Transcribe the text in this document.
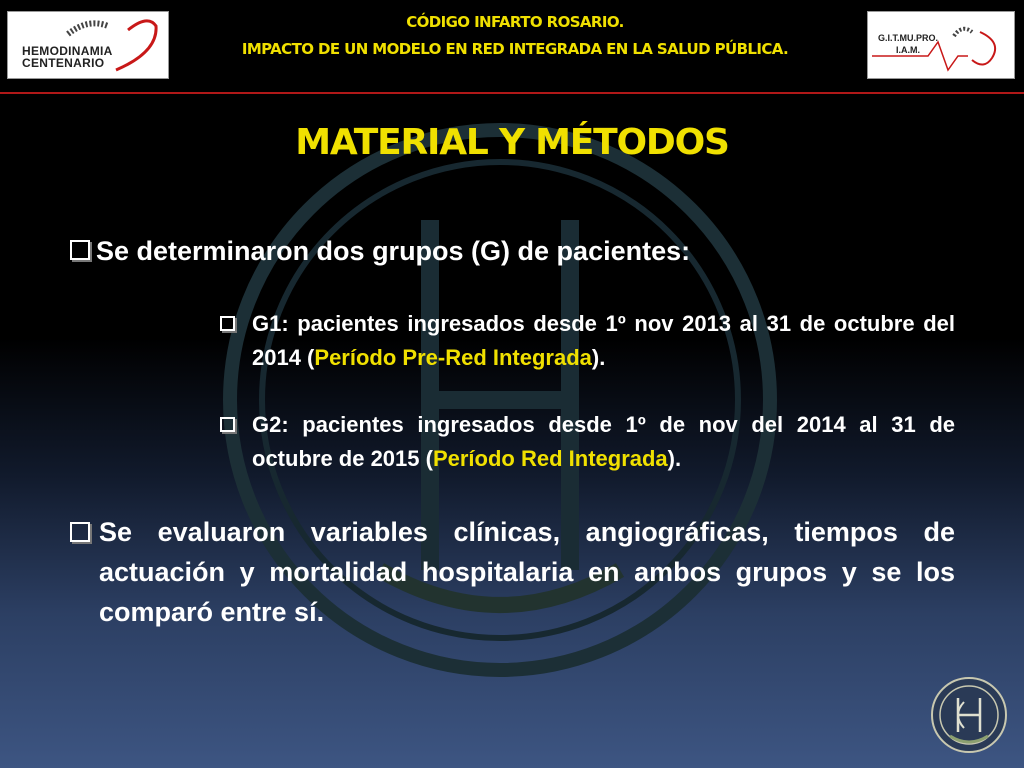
HEMODINAMIA CENTENARIO
CÓDIGO INFARTO ROSARIO.
IMPACTO DE UN MODELO EN RED INTEGRADA EN LA SALUD PÚBLICA.
G.I.T.MU.PRO. I.A.M.
MATERIAL Y MÉTODOS
Se determinaron dos grupos (G) de pacientes:
G1: pacientes ingresados desde 1º nov 2013 al 31 de octubre del 2014 (Período Pre-Red Integrada).
G2: pacientes ingresados desde 1º de nov del 2014 al 31 de octubre de 2015 (Período Red Integrada).
Se evaluaron variables clínicas, angiográficas, tiempos de actuación y mortalidad hospitalaria en ambos grupos y se los comparó entre sí.
